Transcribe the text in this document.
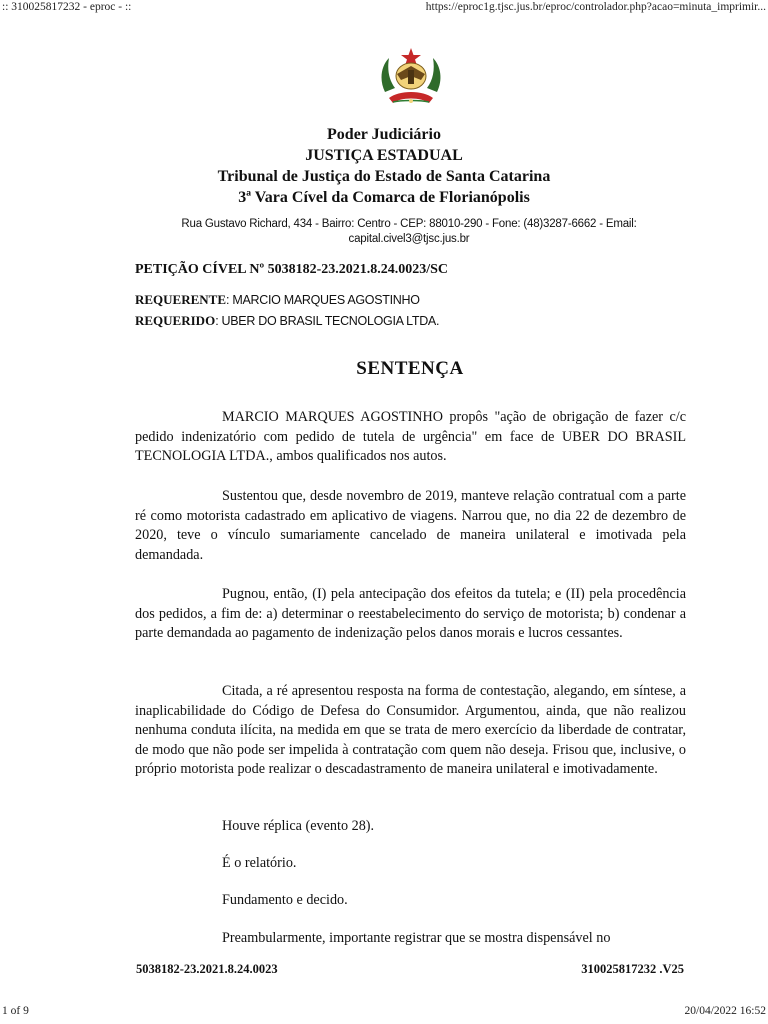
:: 310025817232 - eproc - ::	https://eproc1g.tjsc.jus.br/eproc/controlador.php?acao=minuta_imprimir...
Poder Judiciário
JUSTIÇA ESTADUAL
Tribunal de Justiça do Estado de Santa Catarina
3ª Vara Cível da Comarca de Florianópolis
Rua Gustavo Richard, 434 - Bairro: Centro - CEP: 88010-290 - Fone: (48)3287-6662 - Email:
capital.civel3@tjsc.jus.br
PETIÇÃO CÍVEL Nº 5038182-23.2021.8.24.0023/SC
REQUERENTE: MARCIO MARQUES AGOSTINHO
REQUERIDO: UBER DO BRASIL TECNOLOGIA LTDA.
SENTENÇA

MARCIO MARQUES AGOSTINHO propôs "ação de obrigação de fazer c/c pedido indenizatório com pedido de tutela de urgência" em face de UBER DO BRASIL TECNOLOGIA LTDA., ambos qualificados nos autos.

Sustentou que, desde novembro de 2019, manteve relação contratual com a parte ré como motorista cadastrado em aplicativo de viagens. Narrou que, no dia 22 de dezembro de 2020, teve o vínculo sumariamente cancelado de maneira unilateral e imotivada pela demandada.

Pugnou, então, (I) pela antecipação dos efeitos da tutela; e (II) pela procedência dos pedidos, a fim de: a) determinar o reestabelecimento do serviço de motorista; b) condenar a parte demandada ao pagamento de indenização pelos danos morais e lucros cessantes.

Citada, a ré apresentou resposta na forma de contestação, alegando, em síntese, a inaplicabilidade do Código de Defesa do Consumidor. Argumentou, ainda, que não realizou nenhuma conduta ilícita, na medida em que se trata de mero exercício da liberdade de contratar, de modo que não pode ser impelida à contratação com quem não deseja. Frisou que, inclusive, o próprio motorista pode realizar o descadastramento de maneira unilateral e imotivadamente.

Houve réplica (evento 28).
É o relatório.
Fundamento e decido.

Preambularmente, importante registrar que se mostra dispensável no

5038182-23.2021.8.24.0023	310025817232 .V25
1 of 9	20/04/2022 16:52
